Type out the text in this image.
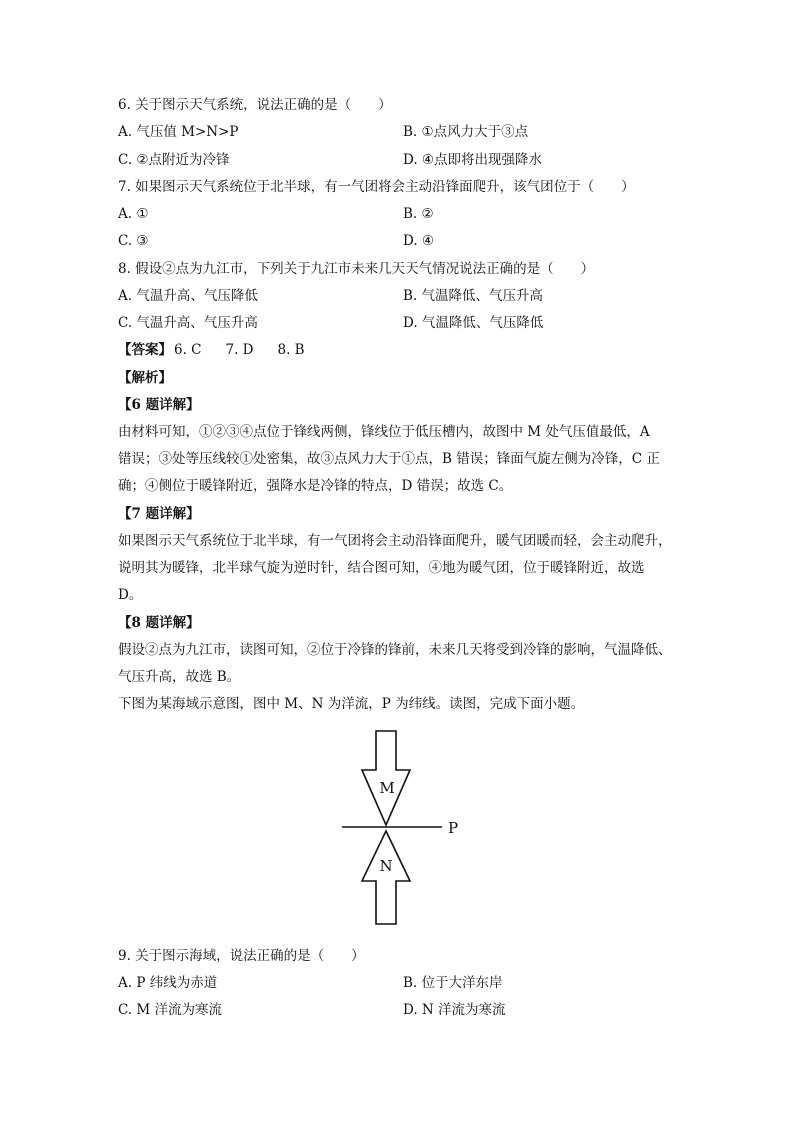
6. 关于图示天气系统，说法正确的是（　　）
A. 气压值 M>N>P	B. ①点风力大于③点
C. ②点附近为冷锋	D. ④点即将出现强降水
7. 如果图示天气系统位于北半球，有一气团将会主动沿锋面爬升，该气团位于（　　）
A. ①	B. ②
C. ③	D. ④
8. 假设②点为九江市，下列关于九江市未来几天天气情况说法正确的是（　　）
A. 气温升高、气压降低	B. 气温降低、气压升高
C. 气温升高、气压升高	D. 气温降低、气压降低
【答案】 6. C 7. D 8. B
【解析】
【6 题详解】
由材料可知，①②③④点位于锋线两侧，锋线位于低压槽内，故图中 M 处气压值最低，A
错误；③处等压线较①处密集，故③点风力大于①点，B 错误；锋面气旋左侧为冷锋，C 正
确；④侧位于暖锋附近，强降水是冷锋的特点，D 错误；故选 C。
【7 题详解】
如果图示天气系统位于北半球，有一气团将会主动沿锋面爬升，暖气团暖而轻，会主动爬升，
说明其为暖锋，北半球气旋为逆时针，结合图可知，④地为暖气团，位于暖锋附近，故选
D。
【8 题详解】
假设②点为九江市，读图可知，②位于冷锋的锋前，未来几天将受到冷锋的影响，气温降低、
气压升高，故选 B。
下图为某海域示意图，图中 M、N 为洋流，P 为纬线。读图，完成下面小题。
M
P
N
9. 关于图示海域，说法正确的是（　　）
A. P 纬线为赤道	B. 位于大洋东岸
C. M 洋流为寒流	D. N 洋流为寒流
